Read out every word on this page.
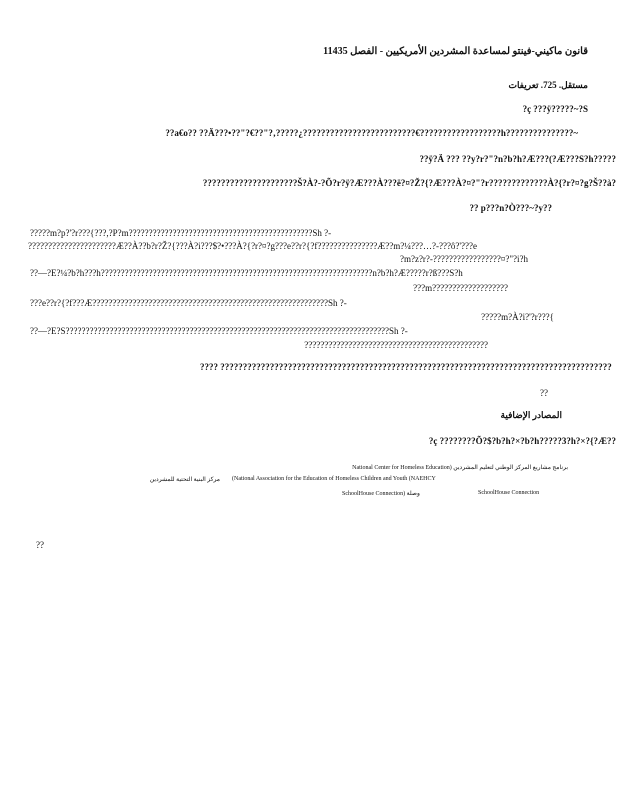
قانون ماكيني-فينتو لمساعدة المشردين الأمريكيين - الفصل 11435
مستقل. 725. تعريفات
?ç ???ÿ?????~?S
??a€o?? ??Ä???•??"?€??"?‚?????¿?????????????????????????€??????????????????h???????????????~
??ÿ?Ä ??? ??y?r?"?n?b?h?Æ???(?Æ???S?h?????
?????????????????????Š?À?-?Õ?r?ÿ?Æ???À???ë?¤?Ž?{?Æ???À?¤?"?r?????????????À?{?r?¤?g?Š??à?
?? p???n?Ò???~?y??
?????m?p?'?r???{???,?P?m??????????????????????????????????????????????Sh ?-
??????????????????????Æ??À??b?r?Ž?{???À?i???$?•???À?{?r?¤?g???e??r?{?f???????????????Æ??m?¼???…?-???ô?'???e
?m?z?r?-?????????????????¤?"?i?h
??—?E?¼?b?h???h????????????????????????????????????????????????????????????????????n?b?h?Æ?????r?ß???S?h
???m???????????????????
???e??r?{?f???Æ???????????????????????????????????????????????????????????Sh ?-
?????m?À?i?'?r???{
??—?E?S?????????????????????????????????????????????????????????????????????????????????Sh ?-
??????????????????????????????????????????????
???? ???????????????????????????????????????????????????????????????????????????????????????
??
المصادر الإضافية
?ç ????????Õ?$?b?h?×?b?h?????3?h?×?{?Æ??
برنامج مشاريع المركز الوطني لتعليم المشردين (National Center for Homeless Education
(National Association for the Education of Homeless Children and Youth (NAEHCY
مركز البنية التحتية للمشردين
SchoolHouse Connection) وصلة	SchoolHouse Connection
??
